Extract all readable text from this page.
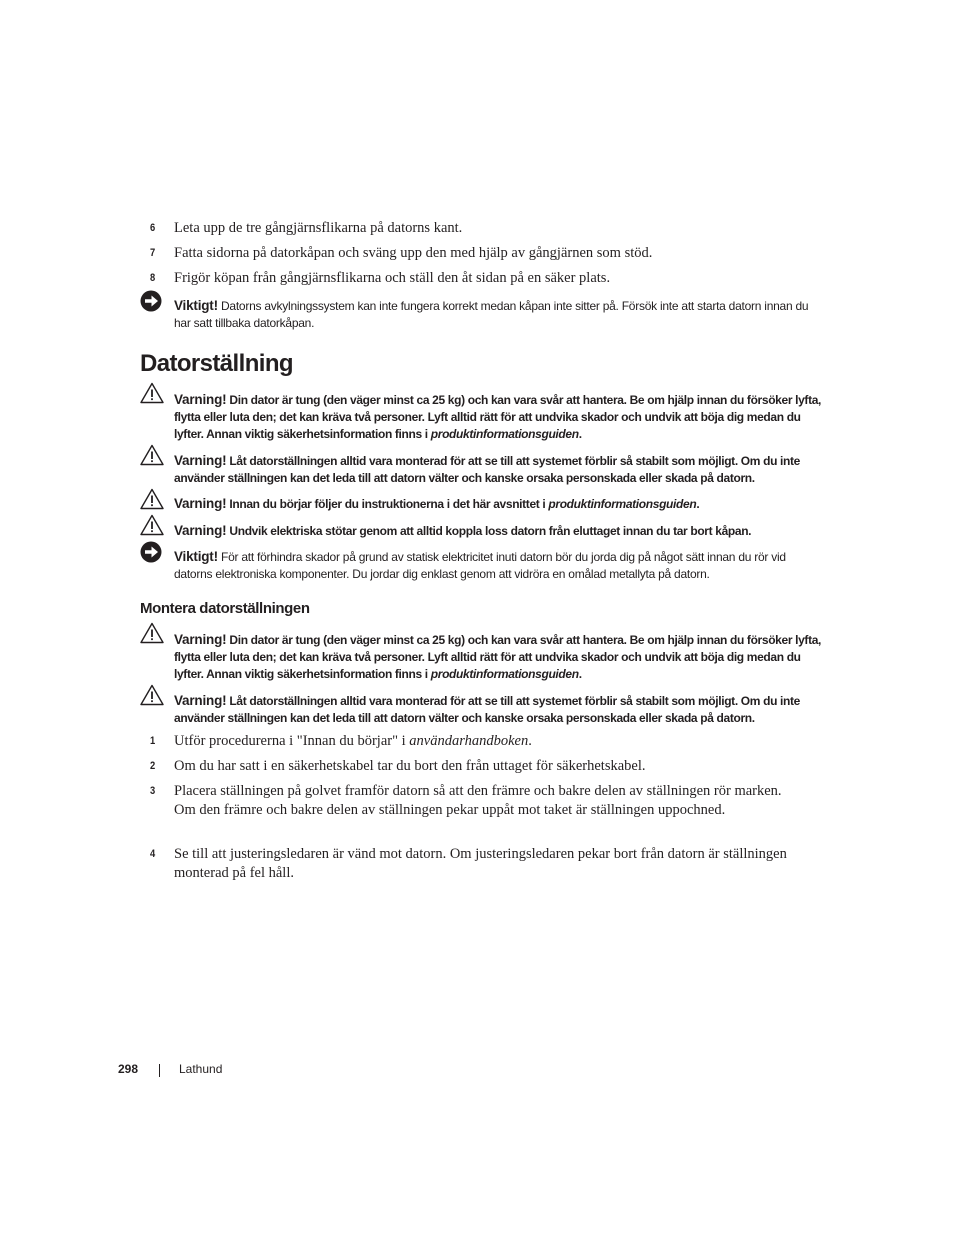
6	Leta upp de tre gångjärnsflikarna på datorns kant.
7	Fatta sidorna på datorkåpan och sväng upp den med hjälp av gångjärnen som stöd.
8	Frigör köpan från gångjärnsflikarna och ställ den åt sidan på en säker plats.
Viktigt! Datorns avkylningssystem kan inte fungera korrekt medan kåpan inte sitter på. Försök inte att starta datorn innan du har satt tillbaka datorkåpan.
Datorställning
Varning! Din dator är tung (den väger minst ca 25 kg) och kan vara svår att hantera. Be om hjälp innan du försöker lyfta, flytta eller luta den; det kan kräva två personer. Lyft alltid rätt för att undvika skador och undvik att böja dig medan du lyfter. Annan viktig säkerhetsinformation finns i produktinformationsguiden.
Varning! Låt datorställningen alltid vara monterad för att se till att systemet förblir så stabilt som möjligt. Om du inte använder ställningen kan det leda till att datorn välter och kanske orsaka personskada eller skada på datorn.
Varning! Innan du börjar följer du instruktionerna i det här avsnittet i produktinformationsguiden.
Varning! Undvik elektriska stötar genom att alltid koppla loss datorn från eluttaget innan du tar bort kåpan.
Viktigt! För att förhindra skador på grund av statisk elektricitet inuti datorn bör du jorda dig på något sätt innan du rör vid datorns elektroniska komponenter. Du jordar dig enklast genom att vidröra en omålad metallyta på datorn.
Montera datorställningen
Varning! Din dator är tung (den väger minst ca 25 kg) och kan vara svår att hantera. Be om hjälp innan du försöker lyfta, flytta eller luta den; det kan kräva två personer. Lyft alltid rätt för att undvika skador och undvik att böja dig medan du lyfter. Annan viktig säkerhetsinformation finns i produktinformationsguiden.
Varning! Låt datorställningen alltid vara monterad för att se till att systemet förblir så stabilt som möjligt. Om du inte använder ställningen kan det leda till att datorn välter och kanske orsaka personskada eller skada på datorn.
1	Utför procedurerna i "Innan du börjar" i användarhandboken.
2	Om du har satt i en säkerhetskabel tar du bort den från uttaget för säkerhetskabel.
3	Placera ställningen på golvet framför datorn så att den främre och bakre delen av ställningen rör marken. Om den främre och bakre delen av ställningen pekar uppåt mot taket är ställningen uppochned.
4	Se till att justeringsledaren är vänd mot datorn. Om justeringsledaren pekar bort från datorn är ställningen monterad på fel håll.
298	Lathund
